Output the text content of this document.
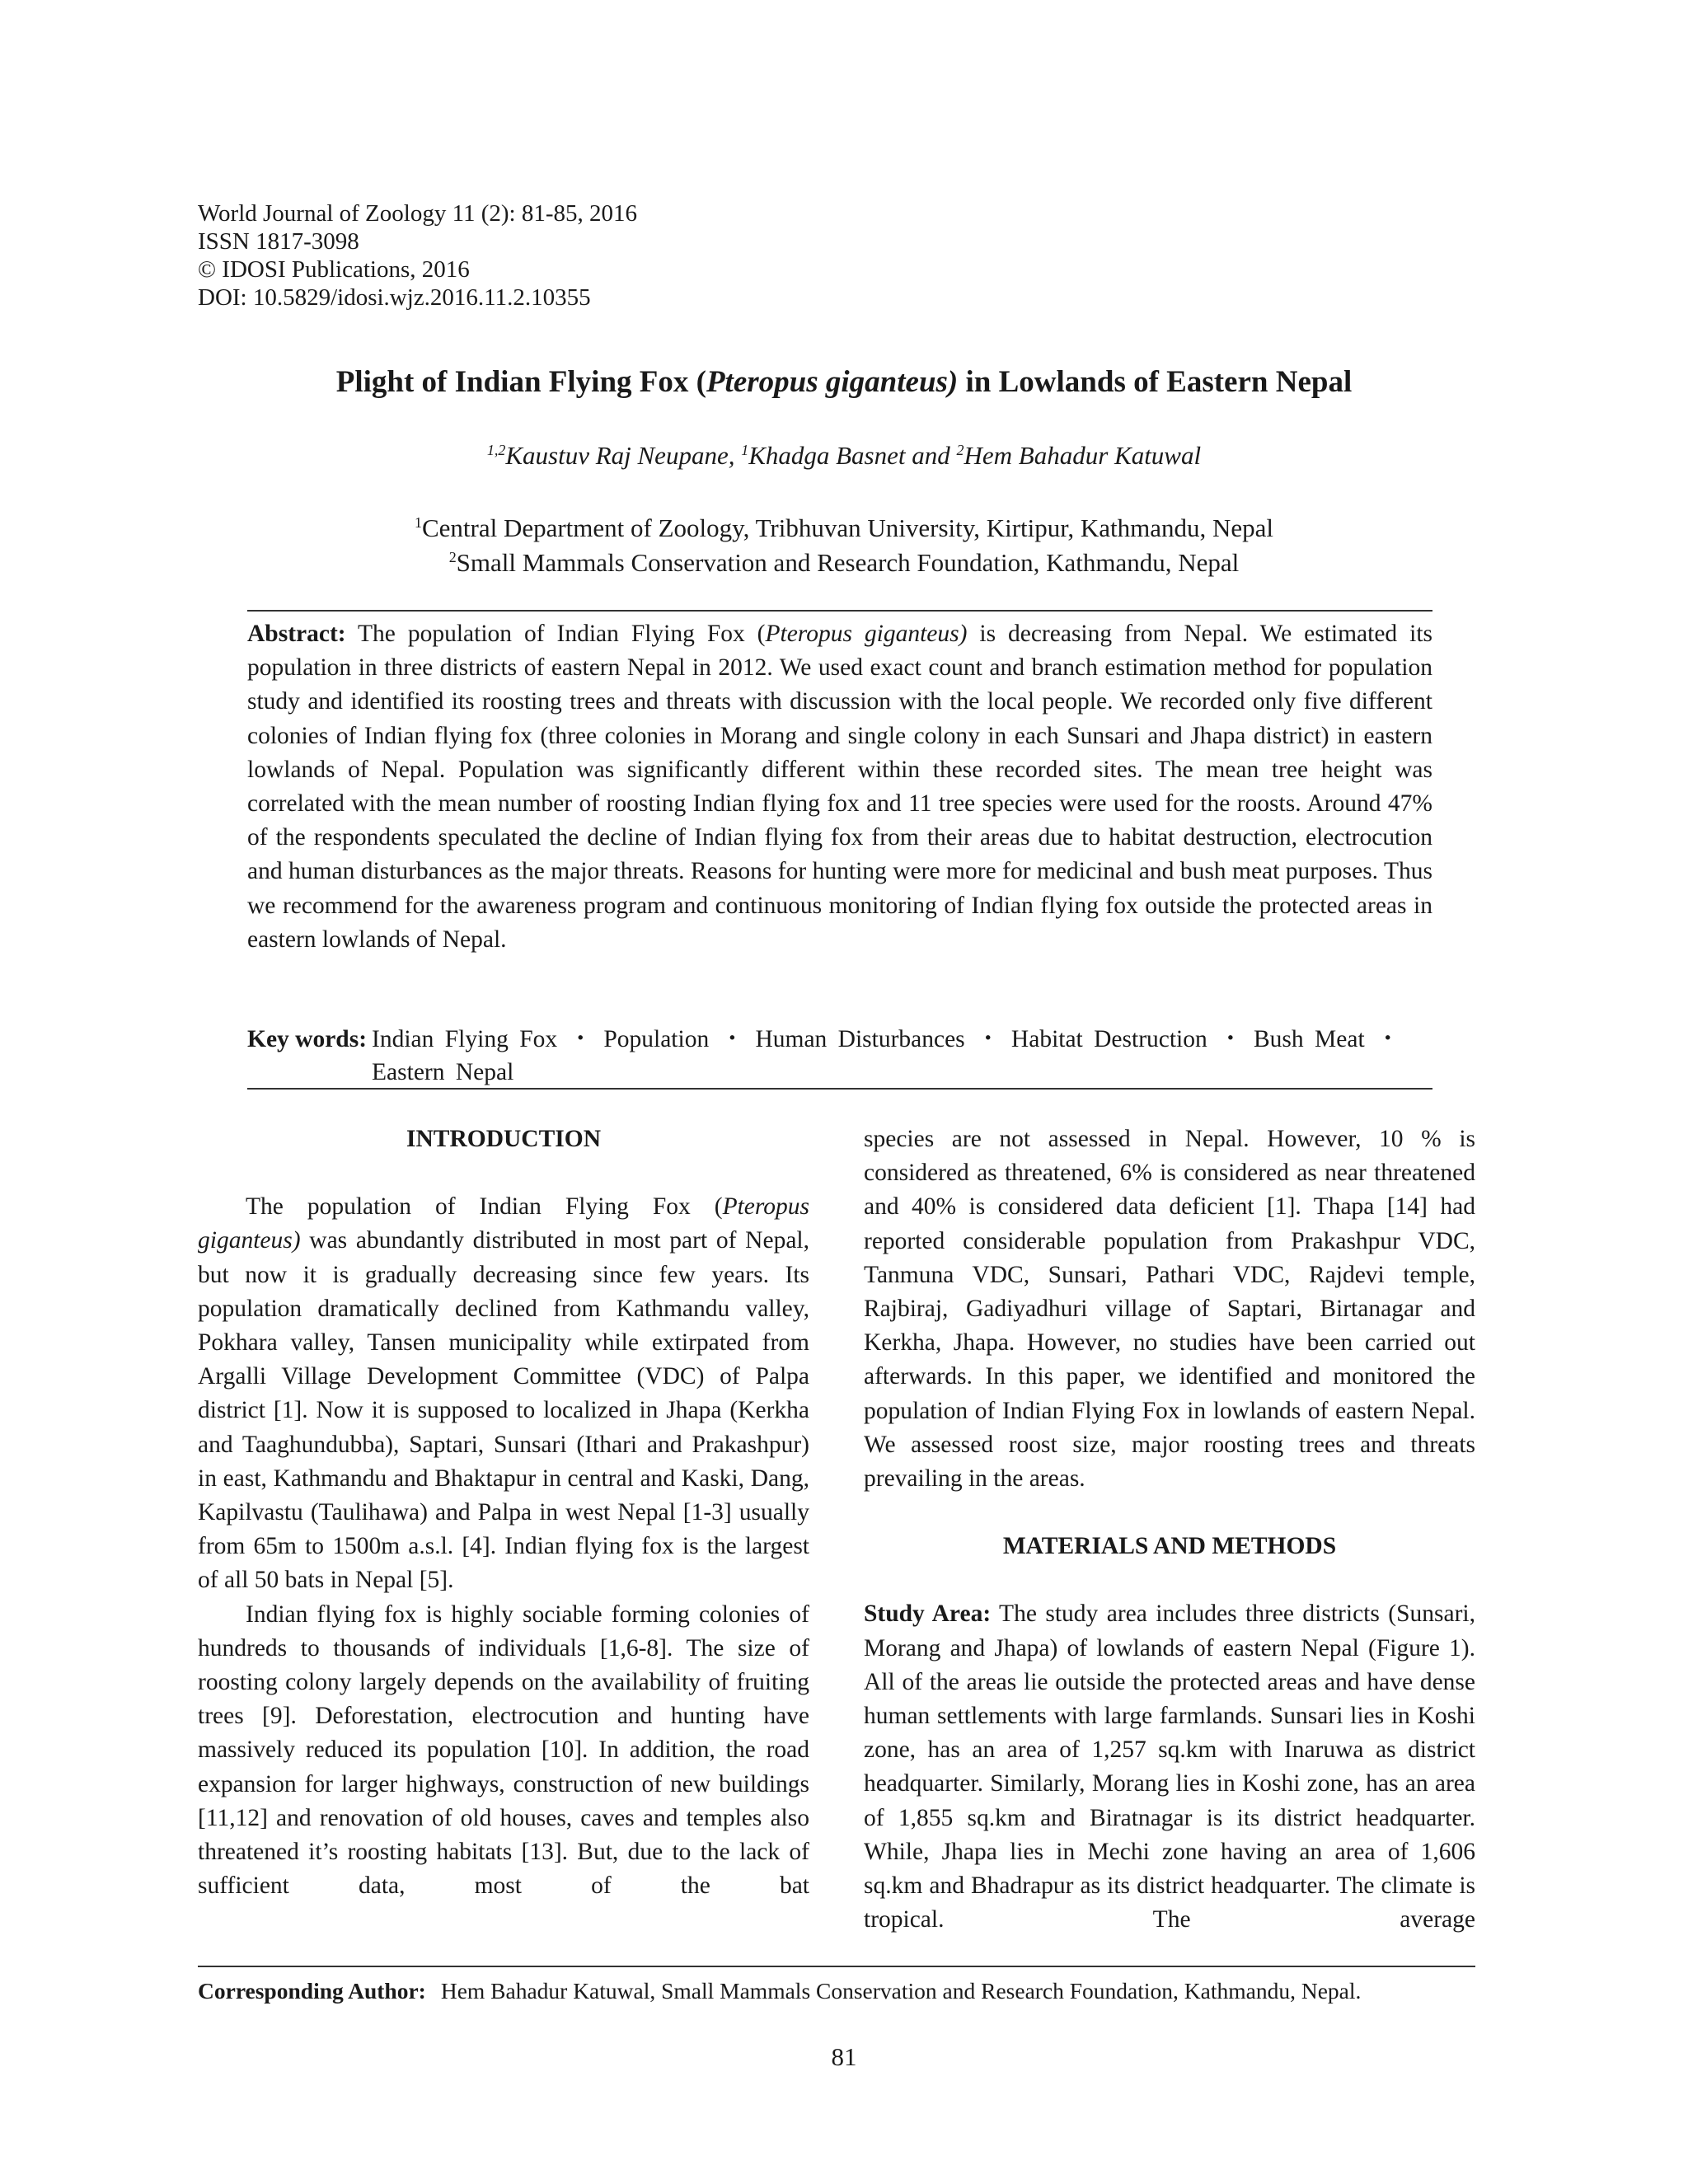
World Journal of Zoology 11 (2): 81-85, 2016
ISSN 1817-3098
© IDOSI Publications, 2016
DOI: 10.5829/idosi.wjz.2016.11.2.10355
Plight of Indian Flying Fox (Pteropus giganteus) in Lowlands of Eastern Nepal
$^{1,2}$Kaustuv Raj Neupane, $^1$Khadga Basnet and $^2$Hem Bahadur Katuwal
$^1$Central Department of Zoology, Tribhuvan University, Kirtipur, Kathmandu, Nepal
$^2$Small Mammals Conservation and Research Foundation, Kathmandu, Nepal
Abstract: The population of Indian Flying Fox (Pteropus giganteus) is decreasing from Nepal. We estimated its population in three districts of eastern Nepal in 2012. We used exact count and branch estimation method for population study and identified its roosting trees and threats with discussion with the local people. We recorded only five different colonies of Indian flying fox (three colonies in Morang and single colony in each Sunsari and Jhapa district) in eastern lowlands of Nepal. Population was significantly different within these recorded sites. The mean tree height was correlated with the mean number of roosting Indian flying fox and 11 tree species were used for the roosts. Around 47% of the respondents speculated the decline of Indian flying fox from their areas due to habitat destruction, electrocution and human disturbances as the major threats. Reasons for hunting were more for medicinal and bush meat purposes. Thus we recommend for the awareness program and continuous monitoring of Indian flying fox outside the protected areas in eastern lowlands of Nepal.
Key words: Indian Flying Fox ・ Population ・ Human Disturbances ・ Habitat Destruction ・ Bush Meat ・ Eastern Nepal
INTRODUCTION

The population of Indian Flying Fox (Pteropus giganteus) was abundantly distributed in most part of Nepal, but now it is gradually decreasing since few years. Its population dramatically declined from Kathmandu valley, Pokhara valley, Tansen municipality while extirpated from Argalli Village Development Committee (VDC) of Palpa district [1]. Now it is supposed to localized in Jhapa (Kerkha and Taaghundubba), Saptari, Sunsari (Ithari and Prakashpur) in east, Kathmandu and Bhaktapur in central and Kaski, Dang, Kapilvastu (Taulihawa) and Palpa in west Nepal [1-3] usually from 65m to 1500m a.s.l. [4]. Indian flying fox is the largest of all 50 bats in Nepal [5].

Indian flying fox is highly sociable forming colonies of hundreds to thousands of individuals [1,6-8]. The size of roosting colony largely depends on the availability of fruiting trees [9]. Deforestation, electrocution and hunting have massively reduced its population [10]. In addition, the road expansion for larger highways, construction of new buildings [11,12] and renovation of old houses, caves and temples also threatened it’s roosting habitats [13]. But, due to the lack of sufficient data, most of the bat

species are not assessed in Nepal. However, 10 % is considered as threatened, 6% is considered as near threatened and 40% is considered data deficient [1]. Thapa [14] had reported considerable population from Prakashpur VDC, Tanmuna VDC, Sunsari, Pathari VDC, Rajdevi temple, Rajbiraj, Gadiyadhuri village of Saptari, Birtanagar and Kerkha, Jhapa. However, no studies have been carried out afterwards. In this paper, we identified and monitored the population of Indian Flying Fox in lowlands of eastern Nepal. We assessed roost size, major roosting trees and threats prevailing in the areas.

MATERIALS AND METHODS

Study Area: The study area includes three districts (Sunsari, Morang and Jhapa) of lowlands of eastern Nepal (Figure 1). All of the areas lie outside the protected areas and have dense human settlements with large farmlands. Sunsari lies in Koshi zone, has an area of 1,257 sq.km with Inaruwa as district headquarter. Similarly, Morang lies in Koshi zone, has an area of 1,855 sq.km and Biratnagar is its district headquarter. While, Jhapa lies in Mechi zone having an area of 1,606 sq.km and Bhadrapur as its district headquarter. The climate is tropical. The average

Corresponding Author: Hem Bahadur Katuwal, Small Mammals Conservation and Research Foundation, Kathmandu, Nepal.
81
